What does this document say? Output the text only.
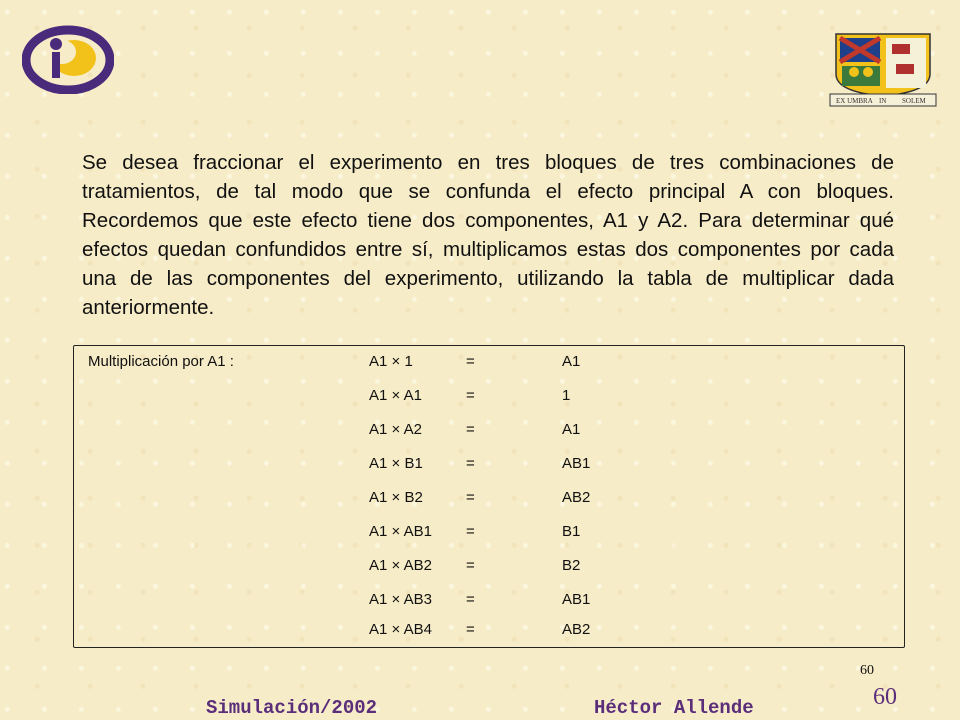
EX UMBRA IN SOLEM

Se desea fraccionar el experimento en tres bloques de tres combinaciones de tratamientos, de tal modo que se confunda el efecto principal A con bloques. Recordemos que este efecto tiene dos componentes, A1 y A2. Para determinar qué efectos quedan confundidos entre sí, multiplicamos estas dos componentes por cada una de las componentes del experimento, utilizando la tabla de multiplicar dada anteriormente.

Multiplicación por A1 :	A1 × 1	=	A1
A1 × A1	=	1
A1 × A2	=	A1
A1 × B1	=	AB1
A1 × B2	=	AB2
A1 × AB1 =	B1
A1 × AB2 =	B2
A1 × AB3 =	AB1
A1 × AB4 =	AB2
60
60
Simulación/2002	Héctor Allende
